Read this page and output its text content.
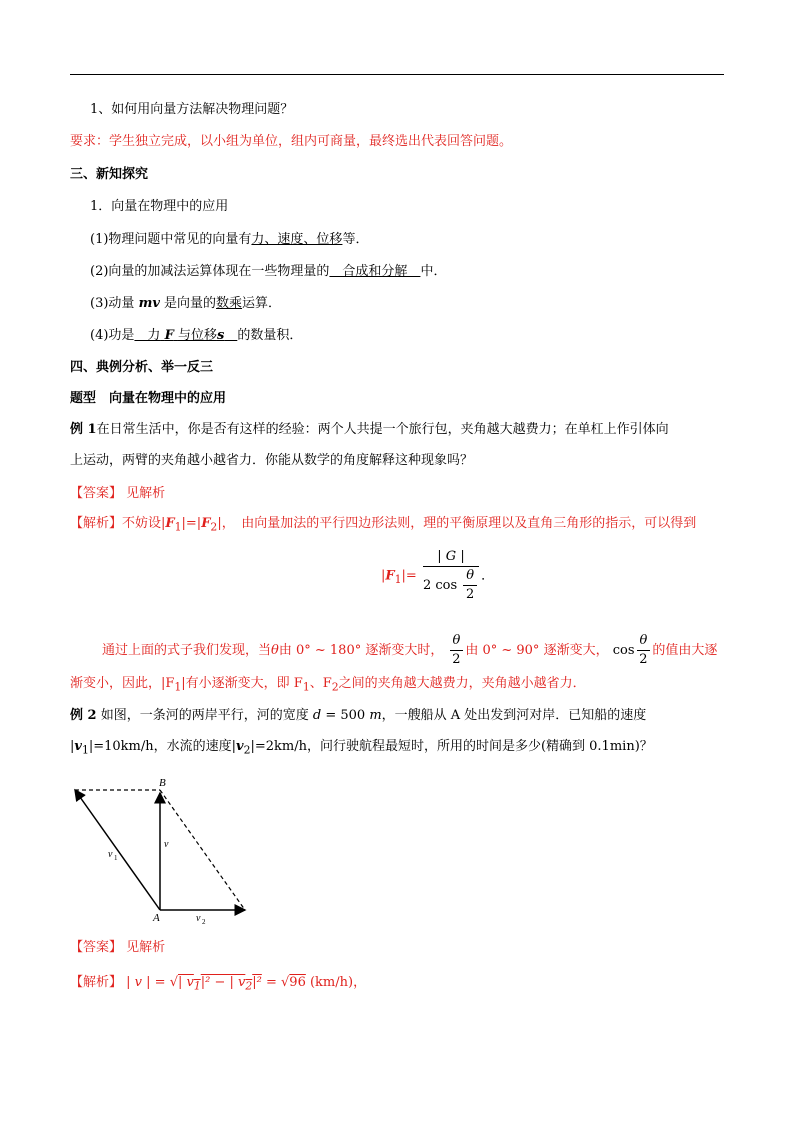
1、如何用向量方法解决物理问题？
要求：学生独立完成，以小组为单位，组内可商量，最终选出代表回答问题。
三、新知探究
1．向量在物理中的应用
(1)物理问题中常见的向量有力、速度、位移等．
(2)向量的加减法运算体现在一些物理量的　合成和分解　中．
(3)动量 mv 是向量的数乘运算．
(4)功是　力 F 与位移s　 的数量积．
四、典例分析、举一反三
题型　 向量在物理中的应用
例 1在日常生活中，你是否有这样的经验：两个人共提一个旅行包，夹角越大越费力；在单杠上作引体向
上运动，两臂的夹角越小越省力．你能从数学的角度解释这种现象吗？
【答案】 见解析
【解析】不妨设$|F_1|=|F_2|$，　由向量加法的平行四边形法则，理的平衡原理以及直角三角形的指示，可以得到
$|F_1|= \frac{| G |}{2 \cos \frac{\theta}{2}}$ ．
通过上面的式子我们发现，当θ由 0° ~ 180° 逐渐变大时， $\frac{\theta}{2}$ 由 0° ~ 90° 逐渐变大， $\cos \frac{\theta}{2}$ 的值由大逐
渐变小，因此，$|F_1|$有小逐渐变大，即 $F_1$、$F_2$之间的夹角越大越费力，夹角越小越省力．
例 2 如图，一条河的两岸平行，河的宽度 d = 500 m，一艘船从 A 处出发到河对岸．已知船的速度
$|v_1|=10km/h$，水流的速度$|v_2|=2km/h$，问行驶航程最短时，所用的时间是多少(精确到 0.1min)？
B
A
v
v 1
v 2
【答案】 见解析
【解析】 | v | = √| $v_1|^2$ − | $v_2|^2 = √96$ (km/h)，
